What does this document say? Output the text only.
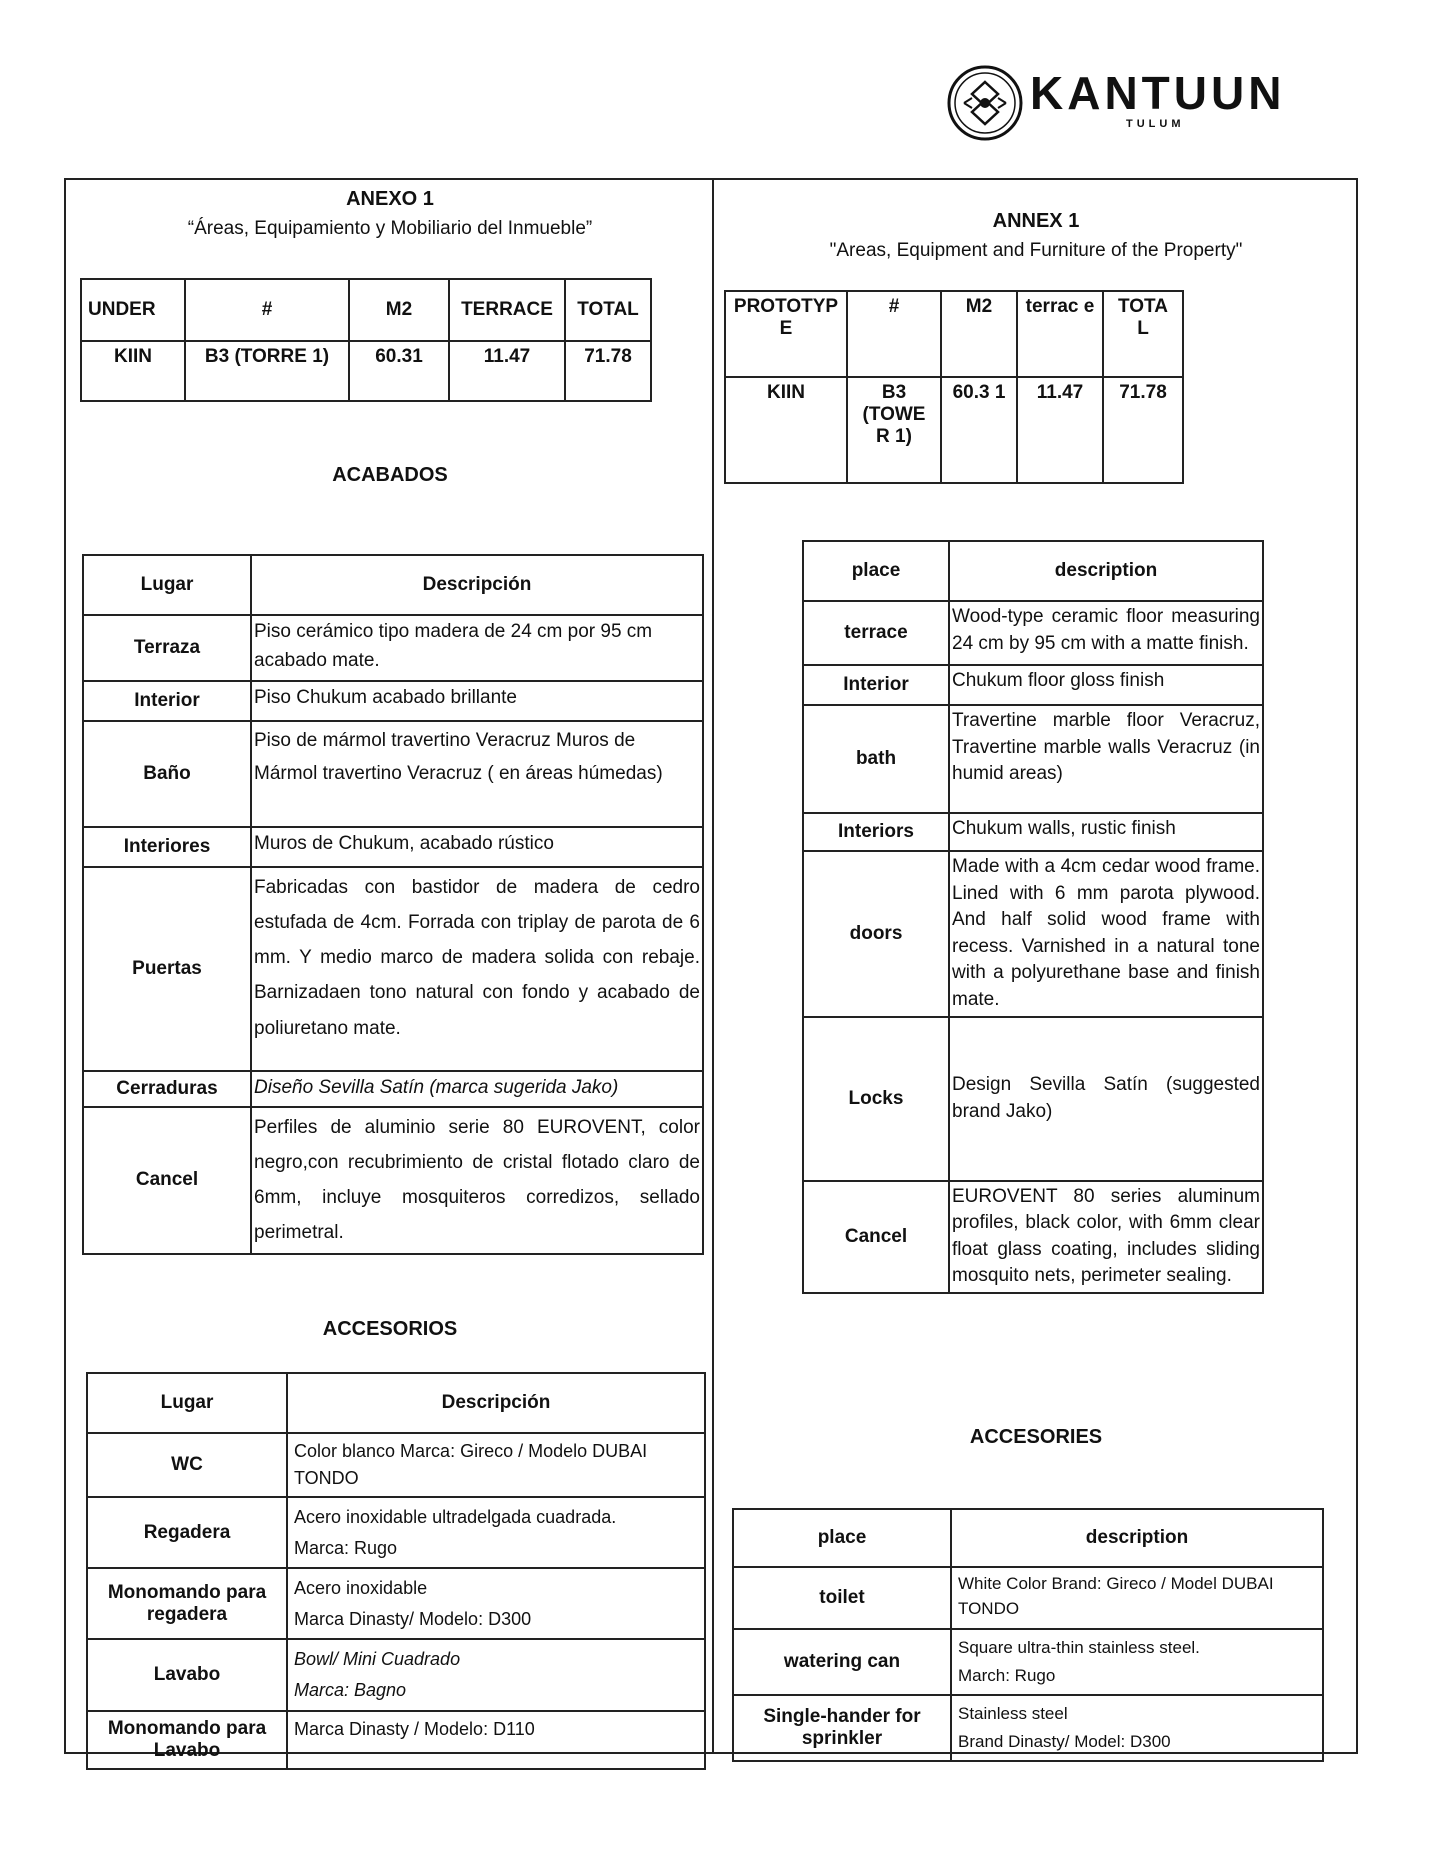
KANTUUN
TULUM
ANEXO 1
“Áreas, Equipamiento y Mobiliario del Inmueble”
UNDER	#	M2	TERRACE	TOTAL
KIIN	B3 (TORRE 1)	60.31	11.47	71.78
ACABADOS
Lugar	Descripción
Terraza	Piso cerámico tipo madera de 24 cm por 95 cm acabado mate.
Interior	Piso Chukum acabado brillante
Baño	Piso de mármol travertino Veracruz Muros de Mármol travertino Veracruz ( en áreas húmedas)
Interiores	Muros de Chukum, acabado rústico
Puertas	Fabricadas con bastidor de madera de cedro estufada de 4cm. Forrada con triplay de parota de 6 mm. Y medio marco de madera solida con rebaje. Barnizadaen tono natural con fondo y acabado de poliuretano mate.
Cerraduras	Diseño Sevilla Satín (marca sugerida Jako)
Cancel	Perfiles de aluminio serie 80 EUROVENT, color negro,con recubrimiento de cristal flotado claro de 6mm, incluye mosquiteros corredizos, sellado perimetral.
ACCESORIOS
Lugar	Descripción
WC	Color blanco Marca: Gireco / Modelo DUBAI
TONDO

Regadera	Acero inoxidable ultradelgada cuadrada.
Marca: Rugo

Monomando para regadera	Acero inoxidable
Marca Dinasty/ Modelo: D300

Lavabo	Bowl/ Mini Cuadrado
Marca: Bagno

Monomando para Lavabo	Marca Dinasty / Modelo: D110
ANNEX 1
"Areas, Equipment and Furniture of the Property"
PROTOTYP E	#	M2	terrac e	TOTA L
KIIN	B3 (TOWE R 1)	60.3 1	11.47	71.78
place	description
terrace	Wood-type ceramic floor measuring 24 cm by 95 cm with a matte finish.
Interior	Chukum floor gloss finish
bath	Travertine marble floor Veracruz, Travertine marble walls Veracruz (in humid areas)
Interiors	Chukum walls, rustic finish
doors	Made with a 4cm cedar wood frame. Lined with 6 mm parota plywood. And half solid wood frame with recess. Varnished in a natural tone with a polyurethane base and finish mate.
Locks	Design Sevilla Satín (suggested brand Jako)
Cancel	EUROVENT 80 series aluminum profiles, black color, with 6mm clear float glass coating, includes sliding mosquito nets, perimeter sealing.
ACCESORIES
place	description
toilet	White Color Brand: Gireco / Model DUBAI
TONDO

watering can	Square ultra-thin stainless steel.
March: Rugo

Single-hander for sprinkler	Stainless steel
Brand Dinasty/ Model: D300
